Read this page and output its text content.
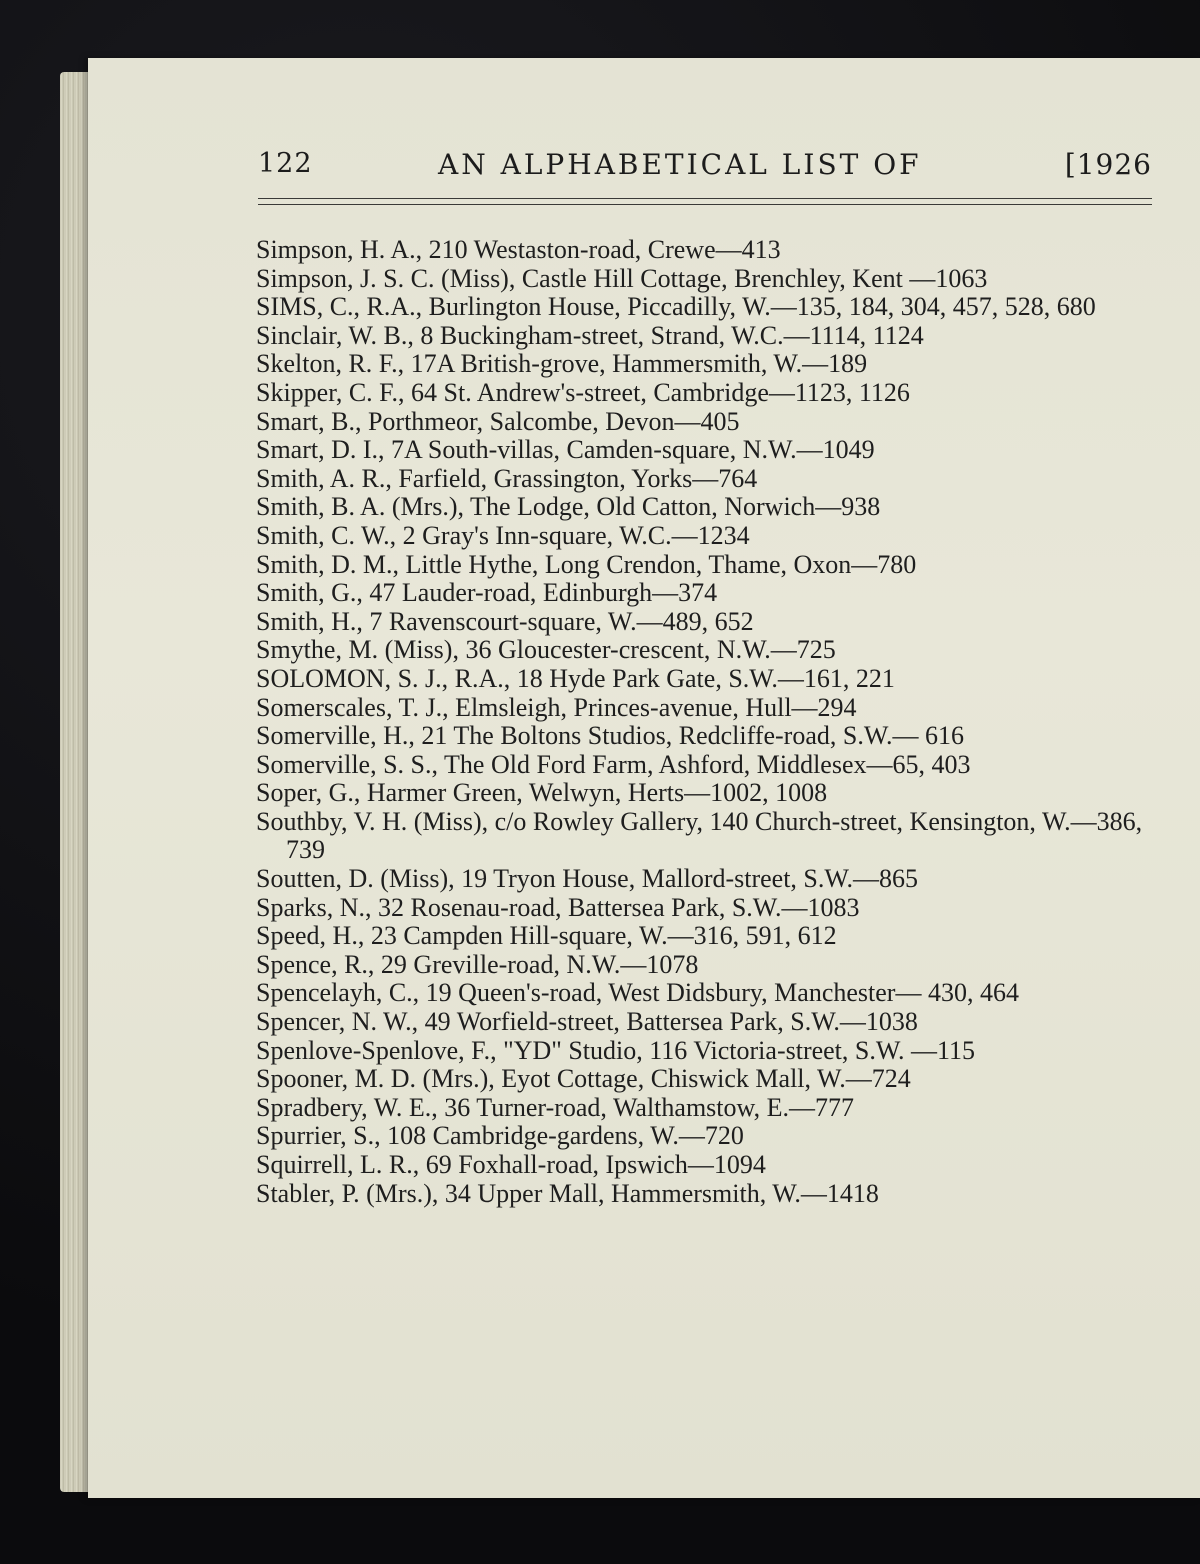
122	AN ALPHABETICAL LIST OF	[1926
Simpson, H. A., 210 Westaston-road, Crewe—413
Simpson, J. S. C. (Miss), Castle Hill Cottage, Brenchley, Kent —1063
SIMS, C., R.A., Burlington House, Piccadilly, W.—135, 184, 304, 457, 528, 680
Sinclair, W. B., 8 Buckingham-street, Strand, W.C.—1114, 1124
Skelton, R. F., 17A British-grove, Hammersmith, W.—189
Skipper, C. F., 64 St. Andrew's-street, Cambridge—1123, 1126
Smart, B., Porthmeor, Salcombe, Devon—405
Smart, D. I., 7A South-villas, Camden-square, N.W.—1049
Smith, A. R., Farfield, Grassington, Yorks—764
Smith, B. A. (Mrs.), The Lodge, Old Catton, Norwich—938
Smith, C. W., 2 Gray's Inn-square, W.C.—1234
Smith, D. M., Little Hythe, Long Crendon, Thame, Oxon—780
Smith, G., 47 Lauder-road, Edinburgh—374
Smith, H., 7 Ravenscourt-square, W.—489, 652
Smythe, M. (Miss), 36 Gloucester-crescent, N.W.—725
SOLOMON, S. J., R.A., 18 Hyde Park Gate, S.W.—161, 221
Somerscales, T. J., Elmsleigh, Princes-avenue, Hull—294
Somerville, H., 21 The Boltons Studios, Redcliffe-road, S.W.— 616
Somerville, S. S., The Old Ford Farm, Ashford, Middlesex—65, 403
Soper, G., Harmer Green, Welwyn, Herts—1002, 1008
Southby, V. H. (Miss), c/o Rowley Gallery, 140 Church-street, Kensington, W.—386, 739
Soutten, D. (Miss), 19 Tryon House, Mallord-street, S.W.—865
Sparks, N., 32 Rosenau-road, Battersea Park, S.W.—1083
Speed, H., 23 Campden Hill-square, W.—316, 591, 612
Spence, R., 29 Greville-road, N.W.—1078
Spencelayh, C., 19 Queen's-road, West Didsbury, Manchester— 430, 464
Spencer, N. W., 49 Worfield-street, Battersea Park, S.W.—1038
Spenlove-Spenlove, F., "YD" Studio, 116 Victoria-street, S.W. —115
Spooner, M. D. (Mrs.), Eyot Cottage, Chiswick Mall, W.—724
Spradbery, W. E., 36 Turner-road, Walthamstow, E.—777
Spurrier, S., 108 Cambridge-gardens, W.—720
Squirrell, L. R., 69 Foxhall-road, Ipswich—1094
Stabler, P. (Mrs.), 34 Upper Mall, Hammersmith, W.—1418
